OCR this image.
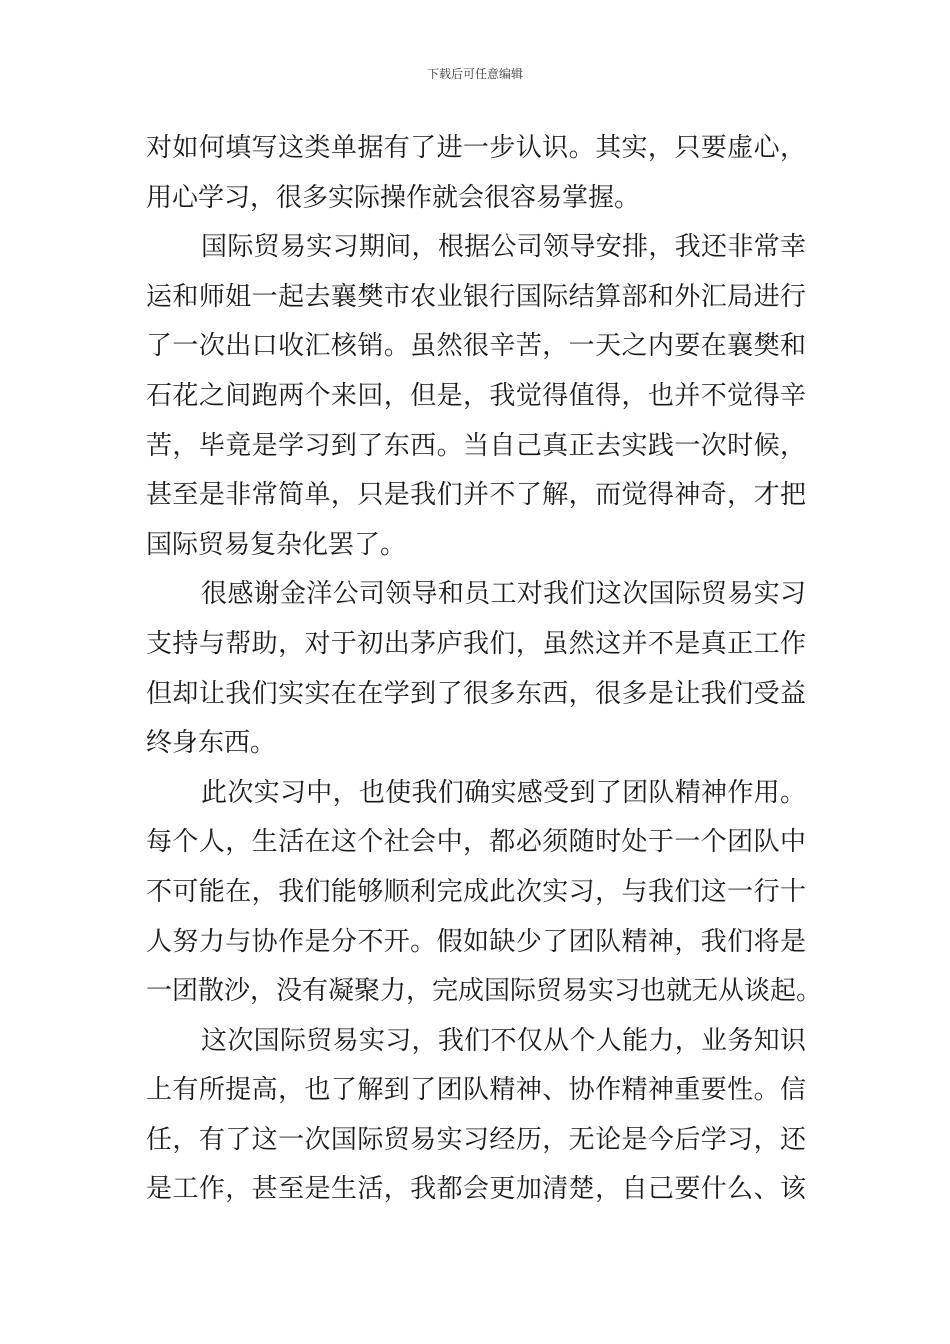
下载后可任意编辑
对如何填写这类单据有了进一步认识。其实，只要虚心，
用心学习，很多实际操作就会很容易掌握。
国际贸易实习期间，根据公司领导安排，我还非常幸
运和师姐一起去襄樊市农业银行国际结算部和外汇局进行
了一次出口收汇核销。虽然很辛苦，一天之内要在襄樊和
石花之间跑两个来回，但是，我觉得值得，也并不觉得辛
苦，毕竟是学习到了东西。当自己真正去实践一次时候，
甚至是非常简单，只是我们并不了解，而觉得神奇，才把
国际贸易复杂化罢了。
很感谢金洋公司领导和员工对我们这次国际贸易实习
支持与帮助，对于初出茅庐我们，虽然这并不是真正工作
但却让我们实实在在学到了很多东西，很多是让我们受益
终身东西。
此次实习中，也使我们确实感受到了团队精神作用。
每个人，生活在这个社会中，都必须随时处于一个团队中
不可能在，我们能够顺利完成此次实习，与我们这一行十
人努力与协作是分不开。假如缺少了团队精神，我们将是
一团散沙，没有凝聚力，完成国际贸易实习也就无从谈起。
这次国际贸易实习，我们不仅从个人能力，业务知识
上有所提高，也了解到了团队精神、协作精神重要性。信
任，有了这一次国际贸易实习经历，无论是今后学习，还
是工作，甚至是生活，我都会更加清楚，自己要什么、该
